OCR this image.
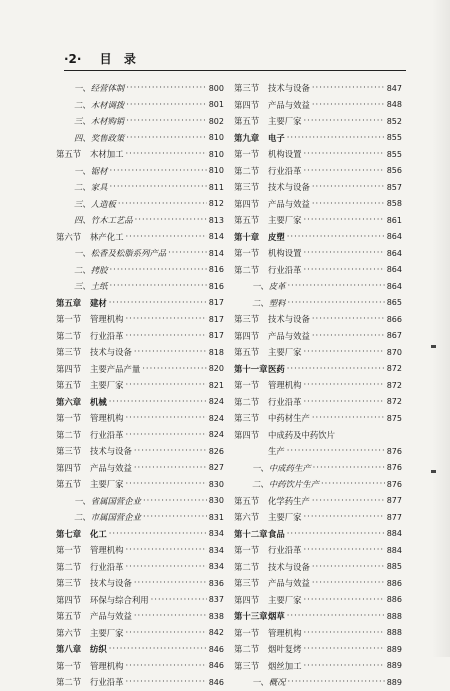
·2· 目 录
一、经营体制 ·····	800
二、木材调拨 ·····	801
三、木材购销 ·····	802
四、奖售政策 ·····	810
第五节	木材加工 ·····	810
一、锯材 ·····	810
二、家具 ·····	811
三、人造板 ·····	812
四、竹木工艺品 ·····	813
第六节	林产化工 ·····	814
一、松香及松脂系列产品 ·····	814
二、拷胶 ·····	816
三、土纸 ·····	816
第五章	建材 ·····	817
第一节	管理机构 ·····	817
第二节	行业沿革 ·····	817
第三节	技术与设备 ·····	818
第四节	主要产品产量 ·····	820
第五节	主要厂家 ·····	821
第六章	机械 ·····	824
第一节	管理机构 ·····	824
第二节	行业沿革 ·····	824
第三节	技术与设备 ·····	826
第四节	产品与效益 ·····	827
第五节	主要厂家 ·····	830
一、省属国营企业 ·····	830
二、市属国营企业 ·····	831
第七章	化工 ·····	834
第一节	管理机构 ·····	834
第二节	行业沿革 ·····	834
第三节	技术与设备 ·····	836
第四节	环保与综合利用 ·····	837
第五节	产品与效益 ·····	838
第六节	主要厂家 ·····	842
第八章	纺织 ·····	846
第一节	管理机构 ·····	846
第二节	行业沿革 ·····	846
第三节	技术与设备 ·····	847
第四节	产品与效益 ·····	848
第五节	主要厂家 ·····	852
第九章	电子 ·····	855
第一节	机构设置 ·····	855
第二节	行业沿革 ·····	856
第三节	技术与设备 ·····	857
第四节	产品与效益 ·····	858
第五节	主要厂家 ·····	861
第十章	皮塑 ·····	864
第一节	机构设置 ·····	864
第二节	行业沿革 ·····	864
一、皮革 ·····	864
二、塑料 ·····	865
第三节	技术与设备 ·····	866
第四节	产品与效益 ·····	867
第五节	主要厂家 ·····	870
第十一章 医药 ·····	872
第一节	管理机构 ·····	872
第二节	行业沿革 ·····	872
第三节	中药材生产 ·····	875
第四节	中成药及中药饮片
生产 ·····	876
一、中成药生产 ·····	876
二、中药饮片生产 ·····	876
第五节	化学药生产 ·····	877
第六节	主要厂家 ·····	877
第十二章 食品 ·····	884
第一节	行业沿革 ·····	884
第二节	技术与设备 ·····	885
第三节	产品与效益 ·····	886
第四节	主要厂家 ·····	886
第十三章 烟草 ·····	888
第一节	管理机构 ·····	888
第二节	烟叶复烤 ·····	889
第三节	烟丝加工 ·····	889
一、概况 ·····	889
